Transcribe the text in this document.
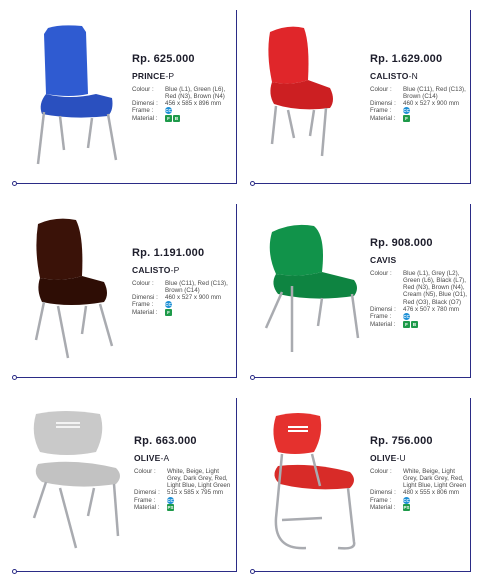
Rp. 625.000
PRINCE-P
Colour :	Blue (L1), Green (L6), Red (N3), Brown (N4)
Dimensi :	456 x 585 x 896 mm
Frame :	CC
Material :	F B
Rp. 1.629.000
CALISTO-N
Colour :	Blue (C11), Red (C13), Brown (C14)
Dimensi :	460 x 527 x 900 mm
Frame :	CC
Material :	F
Rp. 1.191.000
CALISTO-P
Colour :	Blue (C11), Red (C13), Brown (C14)
Dimensi :	460 x 527 x 900 mm
Frame :	CC
Material :	F
Rp. 908.000
CAVIS
Colour :	Blue (L1), Grey (L2), Green (L6), Black (L7), Red (N3), Brown (N4), Cream (N5), Blue (O1), Red (O3), Black (O7)
Dimensi :	476 x 507 x 780 mm
Frame :	CC
Material :	F B
Rp. 663.000
OLIVE-A
Colour :	White, Beige, Light Grey, Dark Grey, Red, Light Blue, Light Green
Dimensi :	515 x 585 x 795 mm
Frame :	CC
Material :	PS
Rp. 756.000
OLIVE-U
Colour :	White, Beige, Light Grey, Dark Grey, Red, Light Blue, Light Green
Dimensi :	480 x 555 x 806 mm
Frame :	CC
Material :	PS
